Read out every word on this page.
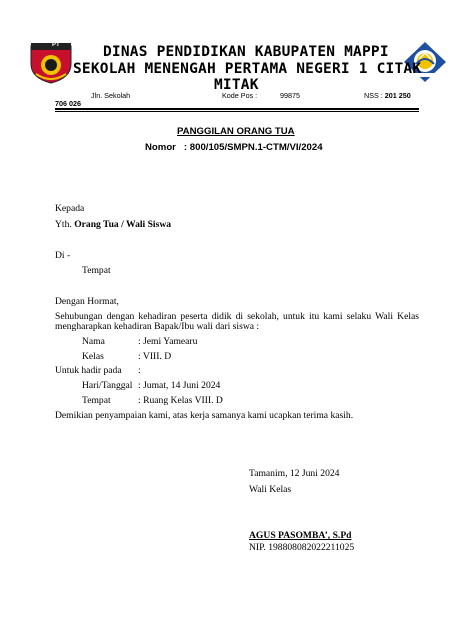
PT	DINAS PENDIDIKAN KABUPATEN MAPPI
SEKOLAH MENENGAH PERTAMA NEGERI 1 CITAK
MITAK
Jln. Sekolah	Kode Pos :	99875	NSS : 201 250
706 026
PANGGILAN ORANG TUA
Nomor   : 800/105/SMPN.1-CTM/VI/2024
Kepada
Yth. Orang Tua / Wali Siswa
Di -
Tempat
Dengan Hormat,
Sehubungan dengan kehadiran peserta didik di sekolah, untuk itu kami selaku Wali Kelas
mengharapkan kehadiran Bapak/Ibu wali dari siswa :
Nama	: Jemi Yamearu
Kelas	: VIII. D
Untuk hadir pada :
Hari/Tanggal : Jumat, 14 Juni 2024
Tempat	: Ruang Kelas VIII. D
Demikian penyampaian kami, atas kerja samanya kami ucapkan terima kasih.
Tamanim, 12 Juni 2024
Wali Kelas
AGUS PASOMBA’, S.Pd
NIP. 198808082022211025
